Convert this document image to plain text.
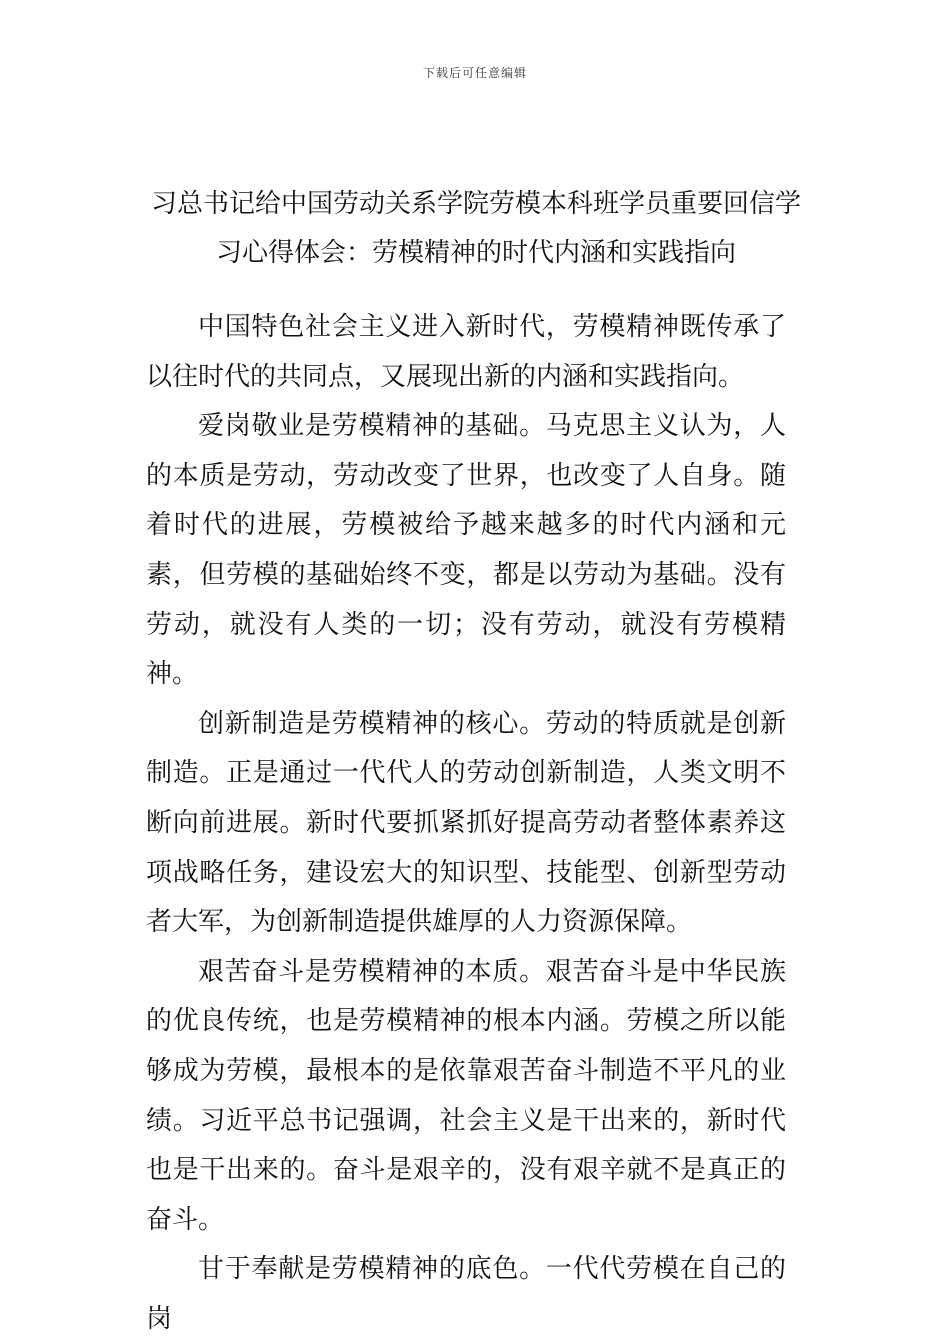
下载后可任意编辑
习总书记给中国劳动关系学院劳模本科班学员重要回信学
习心得体会：劳模精神的时代内涵和实践指向

中国特色社会主义进入新时代，劳模精神既传承了以往时代的共同点，又展现出新的内涵和实践指向。

爱岗敬业是劳模精神的基础。马克思主义认为，人的本质是劳动，劳动改变了世界，也改变了人自身。随着时代的进展，劳模被给予越来越多的时代内涵和元素，但劳模的基础始终不变，都是以劳动为基础。没有劳动，就没有人类的一切；没有劳动，就没有劳模精神。

创新制造是劳模精神的核心。劳动的特质就是创新制造。正是通过一代代人的劳动创新制造，人类文明不断向前进展。新时代要抓紧抓好提高劳动者整体素养这项战略任务，建设宏大的知识型、技能型、创新型劳动者大军，为创新制造提供雄厚的人力资源保障。

艰苦奋斗是劳模精神的本质。艰苦奋斗是中华民族的优良传统，也是劳模精神的根本内涵。劳模之所以能够成为劳模，最根本的是依靠艰苦奋斗制造不平凡的业绩。习近平总书记强调，社会主义是干出来的，新时代也是干出来的。奋斗是艰辛的，没有艰辛就不是真正的奋斗。

甘于奉献是劳模精神的底色。一代代劳模在自己的岗
